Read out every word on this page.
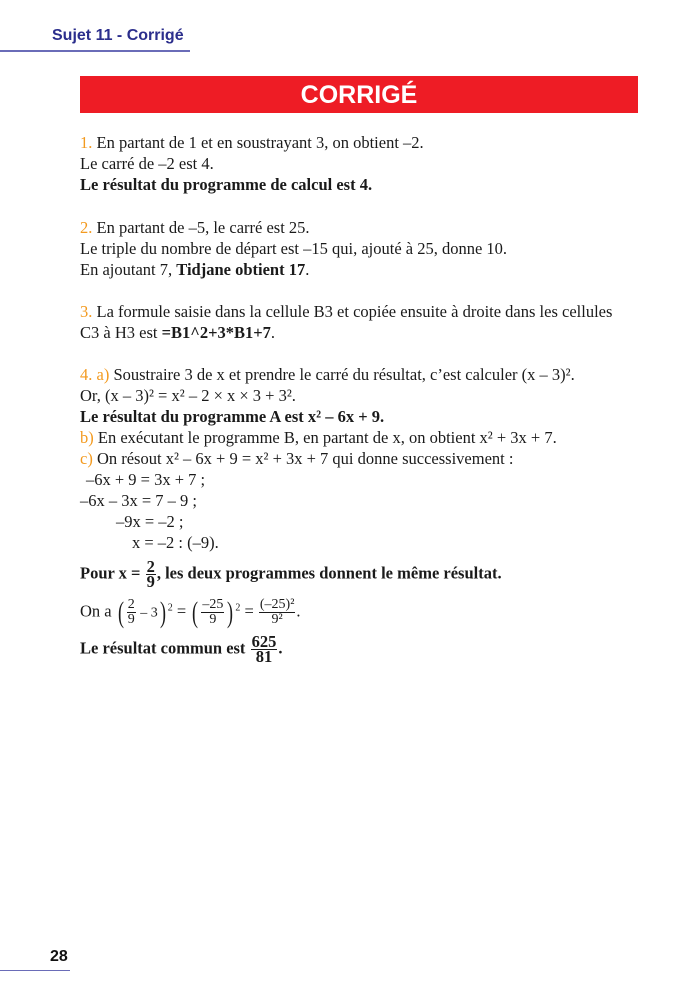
Sujet 11 - Corrigé
CORRIGÉ
1. En partant de 1 et en soustrayant 3, on obtient –2.
Le carré de –2 est 4.
Le résultat du programme de calcul est 4.
2. En partant de –5, le carré est 25.
Le triple du nombre de départ est –15 qui, ajouté à 25, donne 10.
En ajoutant 7, Tidjane obtient 17.
3. La formule saisie dans la cellule B3 et copiée ensuite à droite dans les cellules
C3 à H3 est =B1^2+3*B1+7.
4. a) Soustraire 3 de x et prendre le carré du résultat, c’est calculer (x – 3)².
Or, (x – 3)² = x² – 2 × x × 3 + 3².
Le résultat du programme A est x² – 6x + 9.
b) En exécutant le programme B, en partant de x, on obtient x² + 3x + 7.
c) On résout x² – 6x + 9 = x² + 3x + 7 qui donne successivement :
–6x + 9 = 3x + 7 ;
–6x – 3x = 7 – 9 ;
–9x = –2 ;
x = –2 : (–9).
Pour $x = \frac{2}{9}$ , les deux programmes donnent le même résultat.
On a ( $\frac{2}{9} - 3$) $^2$ = ( $\frac{-25}{9}$ ) $^2 = \frac{\text{(–25)²}}{\text{9²}}$ .
Le résultat commun est $\frac{625}{81}$ .
28
